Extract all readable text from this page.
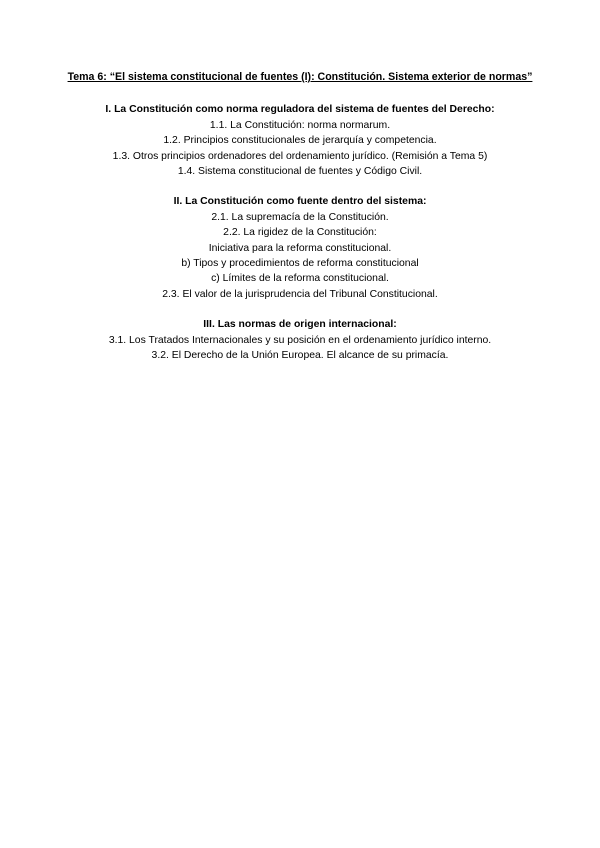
Tema 6: “El sistema constitucional de fuentes (I): Constitución. Sistema exterior de normas”

I. La Constitución como norma reguladora del sistema de fuentes del Derecho:

1.1. La Constitución: norma normarum.

1.2. Principios constitucionales de jerarquía y competencia.

1.3. Otros principios ordenadores del ordenamiento jurídico. (Remisión a Tema 5)

1.4. Sistema constitucional de fuentes y Código Civil.

II. La Constitución como fuente dentro del sistema:

2.1. La supremacía de la Constitución.

2.2. La rigidez de la Constitución:

Iniciativa para la reforma constitucional.

b) Tipos y procedimientos de reforma constitucional

c) Límites de la reforma constitucional.

2.3. El valor de la jurisprudencia del Tribunal Constitucional.

III. Las normas de origen internacional:

3.1. Los Tratados Internacionales y su posición en el ordenamiento jurídico interno.

3.2. El Derecho de la Unión Europea. El alcance de su primacía.
